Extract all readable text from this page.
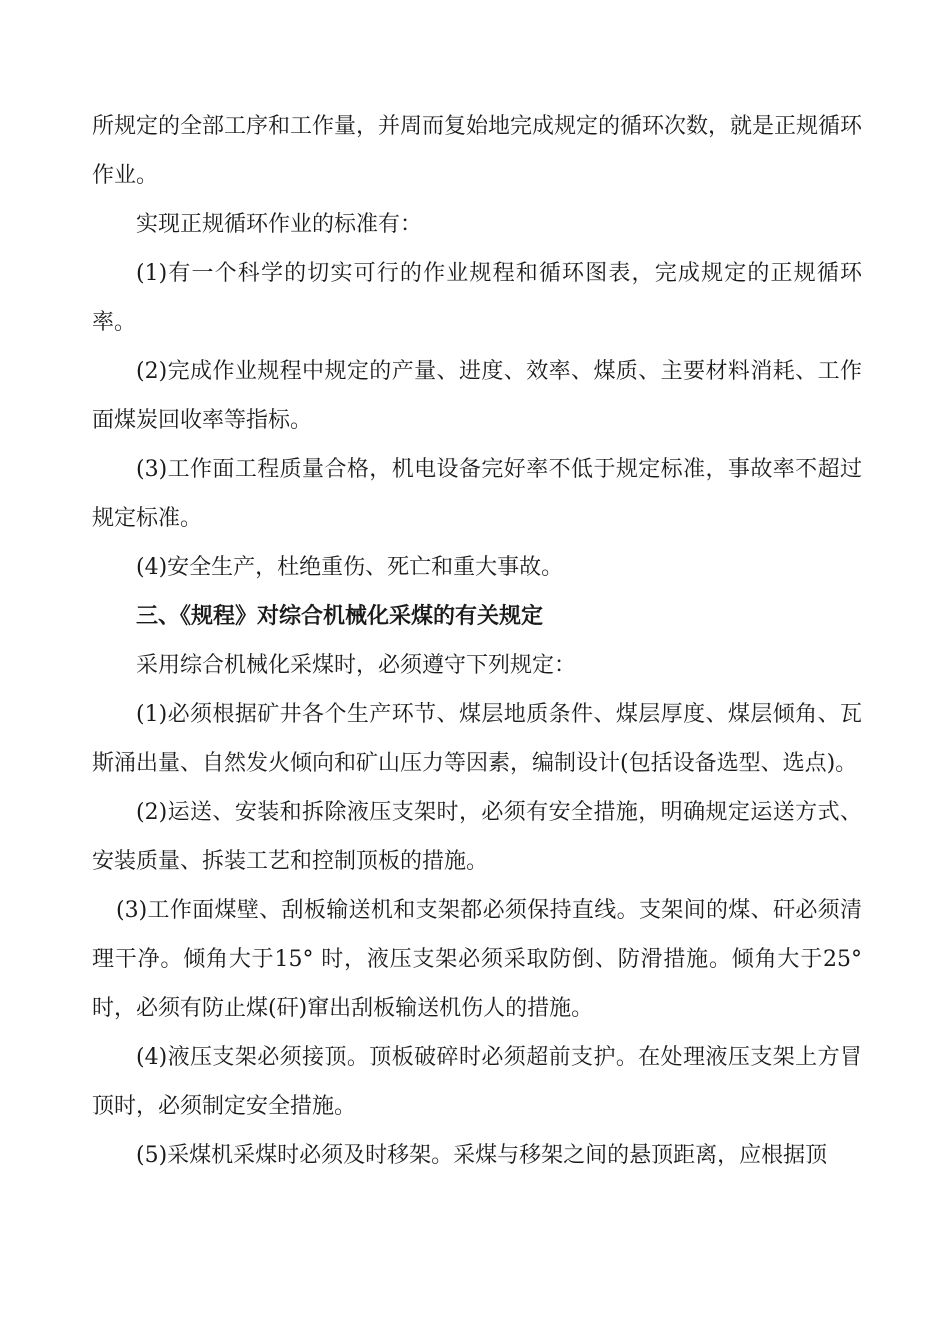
所规定的全部工序和工作量，并周而复始地完成规定的循环次数，就是正规循环作业。

实现正规循环作业的标准有：

(1)有一个科学的切实可行的作业规程和循环图表，完成规定的正规循环率。

(2)完成作业规程中规定的产量、进度、效率、煤质、主要材料消耗、工作面煤炭回收率等指标。

(3)工作面工程质量合格，机电设备完好率不低于规定标准，事故率不超过规定标准。

(4)安全生产，杜绝重伤、死亡和重大事故。

三、《规程》对综合机械化采煤的有关规定

采用综合机械化采煤时，必须遵守下列规定：

(1)必须根据矿井各个生产环节、煤层地质条件、煤层厚度、煤层倾角、瓦斯涌出量、自然发火倾向和矿山压力等因素，编制设计(包括设备选型、选点)。

(2)运送、安装和拆除液压支架时，必须有安全措施，明确规定运送方式、安装质量、拆装工艺和控制顶板的措施。

(3)工作面煤壁、刮板输送机和支架都必须保持直线。支架间的煤、矸必须清理干净。倾角大于15° 时，液压支架必须采取防倒、防滑措施。倾角大于25° 时，必须有防止煤(矸)窜出刮板输送机伤人的措施。

(4)液压支架必须接顶。顶板破碎时必须超前支护。在处理液压支架上方冒顶时，必须制定安全措施。

(5)采煤机采煤时必须及时移架。采煤与移架之间的悬顶距离，应根据顶
